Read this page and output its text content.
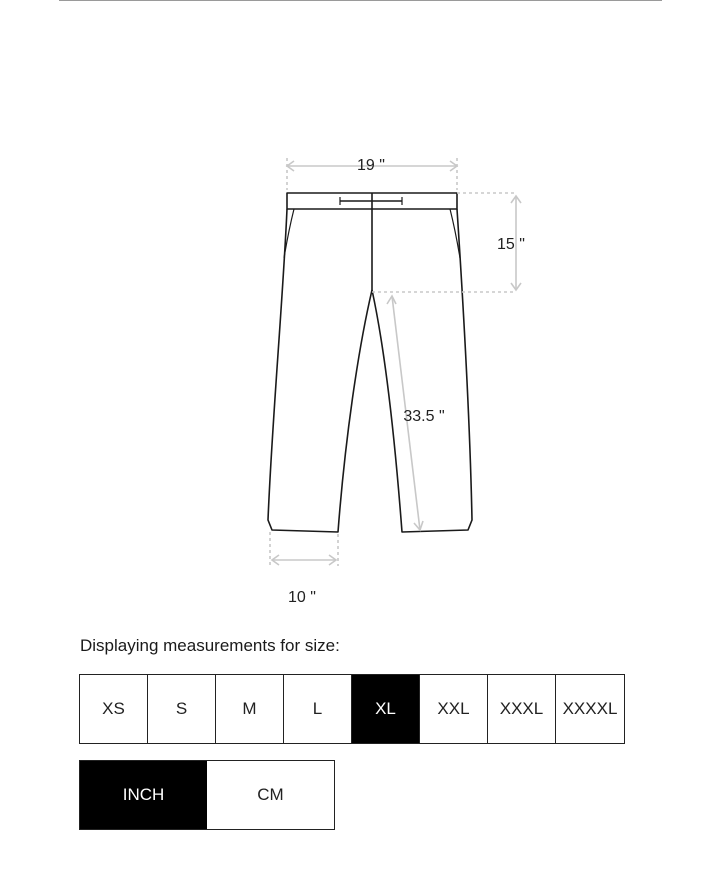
19 "
15 "
33.5 "
10 "

Displaying measurements for size:

XS	S	M	L	XL	XXL	XXXL	XXXXL
INCH	CM
